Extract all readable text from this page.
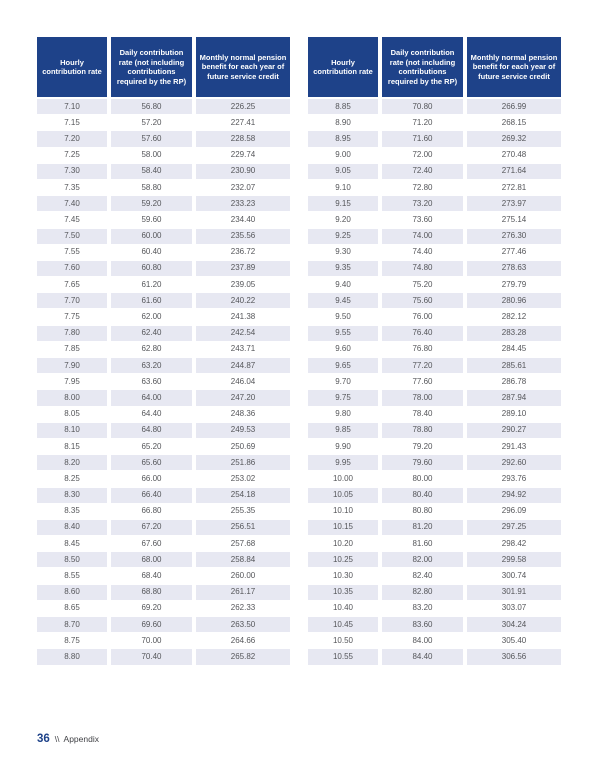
Hourly contribution rate	Daily contribution rate (not including contributions required by the RP)	Monthly normal pension benefit for each year of future service credit
7.10	56.80	226.25
7.15	57.20	227.41
7.20	57.60	228.58
7.25	58.00	229.74
7.30	58.40	230.90
7.35	58.80	232.07
7.40	59.20	233.23
7.45	59.60	234.40
7.50	60.00	235.56
7.55	60.40	236.72
7.60	60.80	237.89
7.65	61.20	239.05
7.70	61.60	240.22
7.75	62.00	241.38
7.80	62.40	242.54
7.85	62.80	243.71
7.90	63.20	244.87
7.95	63.60	246.04
8.00	64.00	247.20
8.05	64.40	248.36
8.10	64.80	249.53
8.15	65.20	250.69
8.20	65.60	251.86
8.25	66.00	253.02
8.30	66.40	254.18
8.35	66.80	255.35
8.40	67.20	256.51
8.45	67.60	257.68
8.50	68.00	258.84
8.55	68.40	260.00
8.60	68.80	261.17
8.65	69.20	262.33
8.70	69.60	263.50
8.75	70.00	264.66
8.80	70.40	265.82
Hourly contribution rate	Daily contribution rate (not including contributions required by the RP)	Monthly normal pension benefit for each year of future service credit
8.85	70.80	266.99
8.90	71.20	268.15
8.95	71.60	269.32
9.00	72.00	270.48
9.05	72.40	271.64
9.10	72.80	272.81
9.15	73.20	273.97
9.20	73.60	275.14
9.25	74.00	276.30
9.30	74.40	277.46
9.35	74.80	278.63
9.40	75.20	279.79
9.45	75.60	280.96
9.50	76.00	282.12
9.55	76.40	283.28
9.60	76.80	284.45
9.65	77.20	285.61
9.70	77.60	286.78
9.75	78.00	287.94
9.80	78.40	289.10
9.85	78.80	290.27
9.90	79.20	291.43
9.95	79.60	292.60
10.00	80.00	293.76
10.05	80.40	294.92
10.10	80.80	296.09
10.15	81.20	297.25
10.20	81.60	298.42
10.25	82.00	299.58
10.30	82.40	300.74
10.35	82.80	301.91
10.40	83.20	303.07
10.45	83.60	304.24
10.50	84.00	305.40
10.55	84.40	306.56
36 \\ Appendix
